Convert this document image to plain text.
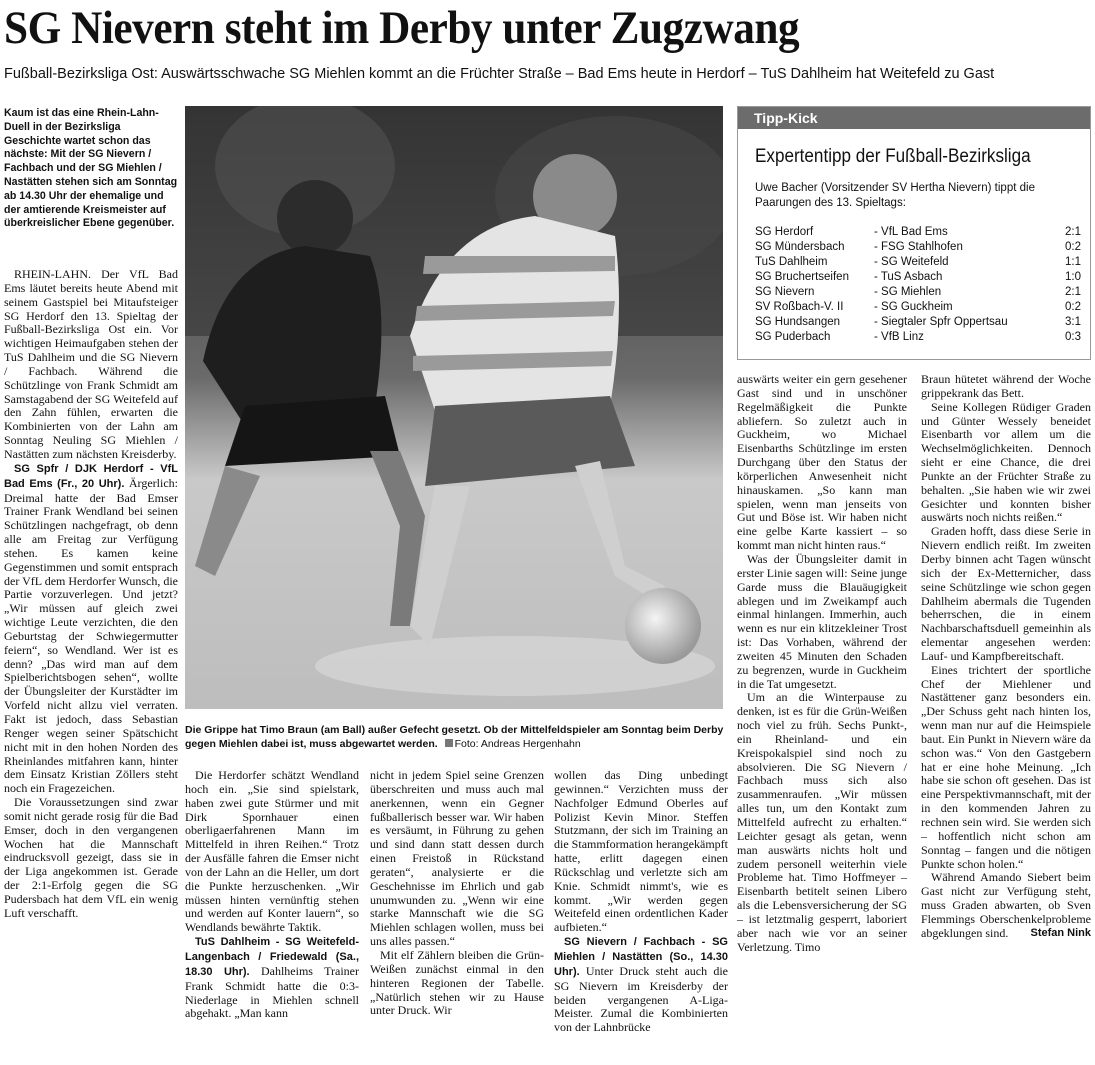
SG Nievern steht im Derby unter Zugzwang
Fußball-Bezirksliga Ost: Auswärtsschwache SG Miehlen kommt an die Früchter Straße – Bad Ems heute in Herdorf – TuS Dahlheim hat Weitefeld zu Gast
Kaum ist das eine Rhein-Lahn-Duell in der Bezirksliga Geschichte wartet schon das nächste: Mit der SG Nievern / Fachbach und der SG Miehlen / Nastätten stehen sich am Sonntag ab 14.30 Uhr der ehemalige und der amtierende Kreismeister auf überkreislicher Ebene gegenüber.

RHEIN-LAHN. Der VfL Bad Ems läutet bereits heute Abend mit seinem Gastspiel bei Mitaufsteiger SG Herdorf den 13. Spieltag der Fußball-Bezirksliga Ost ein. Vor wichtigen Heimaufgaben stehen der TuS Dahlheim und die SG Nievern / Fachbach. Während die Schützlinge von Frank Schmidt am Samstagabend der SG Weitefeld auf den Zahn fühlen, erwarten die Kombinierten von der Lahn am Sonntag Neuling SG Miehlen / Nastätten zum nächsten Kreisderby.

SG Spfr / DJK Herdorf - VfL Bad Ems (Fr., 20 Uhr). Ärgerlich: Dreimal hatte der Bad Emser Trainer Frank Wendland bei seinen Schützlingen nachgefragt, ob denn alle am Freitag zur Verfügung stehen. Es kamen keine Gegenstimmen und somit entsprach der VfL dem Herdorfer Wunsch, die Partie vorzuverlegen. Und jetzt? „Wir müssen auf gleich zwei wichtige Leute verzichten, die den Geburtstag der Schwiegermutter feiern“, so Wendland. Wer ist es denn? „Das wird man auf dem Spielberichtsbogen sehen“, wollte der Übungsleiter der Kurstädter im Vorfeld nicht allzu viel verraten. Fakt ist jedoch, dass Sebastian Renger wegen seiner Spätschicht nicht mit in den hohen Norden des Rheinlandes mitfahren kann, hinter dem Einsatz Kristian Zöllers steht noch ein Fragezeichen.

Die Voraussetzungen sind zwar somit nicht gerade rosig für die Bad Emser, doch in den vergangenen Wochen hat die Mannschaft eindrucksvoll gezeigt, dass sie in der Liga angekommen ist. Gerade der 2:1-Erfolg gegen die SG Pudersbach hat dem VfL ein wenig Luft verschafft.

Die Grippe hat Timo Braun (am Ball) außer Gefecht gesetzt. Ob der Mittelfeldspieler am Sonntag beim Derby gegen Miehlen dabei ist, muss abgewartet werden. Foto: Andreas Hergenhahn

Die Herdorfer schätzt Wendland hoch ein. „Sie sind spielstark, haben zwei gute Stürmer und mit Dirk Spornhauer einen oberligaerfahrenen Mann im Mittelfeld in ihren Reihen.“ Trotz der Ausfälle fahren die Emser nicht von der Lahn an die Heller, um dort die Punkte herzuschenken. „Wir müssen hinten vernünftig stehen und werden auf Konter lauern“, so Wendlands bewährte Taktik.

TuS Dahlheim - SG Weitefeld-Langenbach / Friedewald (Sa., 18.30 Uhr). Dahlheims Trainer Frank Schmidt hatte die 0:3-Niederlage in Miehlen schnell abgehakt. „Man kann

nicht in jedem Spiel seine Grenzen überschreiten und muss auch mal anerkennen, wenn ein Gegner fußballerisch besser war. Wir haben es versäumt, in Führung zu gehen und sind dann statt dessen durch einen Freistoß in Rückstand geraten“, analysierte er die Geschehnisse im Ehrlich und gab unumwunden zu. „Wenn wir eine starke Mannschaft wie die SG Miehlen schlagen wollen, muss bei uns alles passen.“

Mit elf Zählern bleiben die Grün-Weißen zunächst einmal in den hinteren Regionen der Tabelle. „Natürlich stehen wir zu Hause unter Druck. Wir

wollen das Ding unbedingt gewinnen.“ Verzichten muss der Nachfolger Edmund Oberles auf Polizist Kevin Minor. Steffen Stutzmann, der sich im Training an die Stammformation herangekämpft hatte, erlitt dagegen einen Rückschlag und verletzte sich am Knie. Schmidt nimmt's, wie es kommt. „Wir werden gegen Weitefeld einen ordentlichen Kader aufbieten.“

SG Nievern / Fachbach - SG Miehlen / Nastätten (So., 14.30 Uhr). Unter Druck steht auch die SG Nievern im Kreisderby der beiden vergangenen A-Liga-Meister. Zumal die Kombinierten von der Lahnbrücke

Tipp-Kick
Expertentipp der Fußball-Bezirksliga
Uwe Bacher (Vorsitzender SV Hertha Nievern) tippt die Paarungen des 13. Spieltags:
SG Herdorf	- VfL Bad Ems	2:1
SG Mündersbach	- FSG Stahlhofen	0:2
TuS Dahlheim	- SG Weitefeld	1:1
SG Bruchertseifen - TuS Asbach	1:0
SG Nievern	- SG Miehlen	2:1
SV Roßbach-V. II	- SG Guckheim	0:2
SG Hundsangen	- Siegtaler Spfr Oppertsau	3:1
SG Puderbach	- VfB Linz	0:3

auswärts weiter ein gern gesehener Gast sind und in unschöner Regelmäßigkeit die Punkte abliefern. So zuletzt auch in Guckheim, wo Michael Eisenbarths Schützlinge im ersten Durchgang über den Status der körperlichen Anwesenheit nicht hinauskamen. „So kann man spielen, wenn man jenseits von Gut und Böse ist. Wir haben nicht eine gelbe Karte kassiert – so kommt man nicht hinten raus.“

Was der Übungsleiter damit in erster Linie sagen will: Seine junge Garde muss die Blauäugigkeit ablegen und im Zweikampf auch einmal hinlangen. Immerhin, auch wenn es nur ein klitzekleiner Trost ist: Das Vorhaben, während der zweiten 45 Minuten den Schaden zu begrenzen, wurde in Guckheim in die Tat umgesetzt.

Um an die Winterpause zu denken, ist es für die Grün-Weißen noch viel zu früh. Sechs Punkt-, ein Rheinland- und ein Kreispokalspiel sind noch zu absolvieren. Die SG Nievern / Fachbach muss sich also zusammenraufen. „Wir müssen alles tun, um den Kontakt zum Mittelfeld aufrecht zu erhalten.“ Leichter gesagt als getan, wenn man auswärts nichts holt und zudem personell weiterhin viele Probleme hat. Timo Hoffmeyer – Eisenbarth betitelt seinen Libero als die Lebensversicherung der SG – ist letztmalig gesperrt, laboriert aber nach wie vor an seiner Verletzung. Timo

Braun hütetet während der Woche grippekrank das Bett.

Seine Kollegen Rüdiger Graden und Günter Wessely beneidet Eisenbarth vor allem um die Wechselmöglichkeiten. Dennoch sieht er eine Chance, die drei Punkte an der Früchter Straße zu behalten. „Sie haben wie wir zwei Gesichter und konnten bisher auswärts noch nichts reißen.“

Graden hofft, dass diese Serie in Nievern endlich reißt. Im zweiten Derby binnen acht Tagen wünscht sich der Ex-Metternicher, dass seine Schützlinge wie schon gegen Dahlheim abermals die Tugenden beherrschen, die in einem Nachbarschaftsduell gemeinhin als elementar angesehen werden: Lauf- und Kampfbereitschaft.

Eines trichtert der sportliche Chef der Miehlener und Nastättener ganz besonders ein. „Der Schuss geht nach hinten los, wenn man nur auf die Heimspiele baut. Ein Punkt in Nievern wäre da schon was.“ Von den Gastgebern hat er eine hohe Meinung. „Ich habe sie schon oft gesehen. Das ist eine Perspektivmannschaft, mit der in den kommenden Jahren zu rechnen sein wird. Sie werden sich – hoffentlich nicht schon am Sonntag – fangen und die nötigen Punkte schon holen.“

Während Amando Siebert beim Gast nicht zur Verfügung steht, muss Graden abwarten, ob Sven Flemmings Oberschenkelprobleme abgeklungen sind.	Stefan Nink
